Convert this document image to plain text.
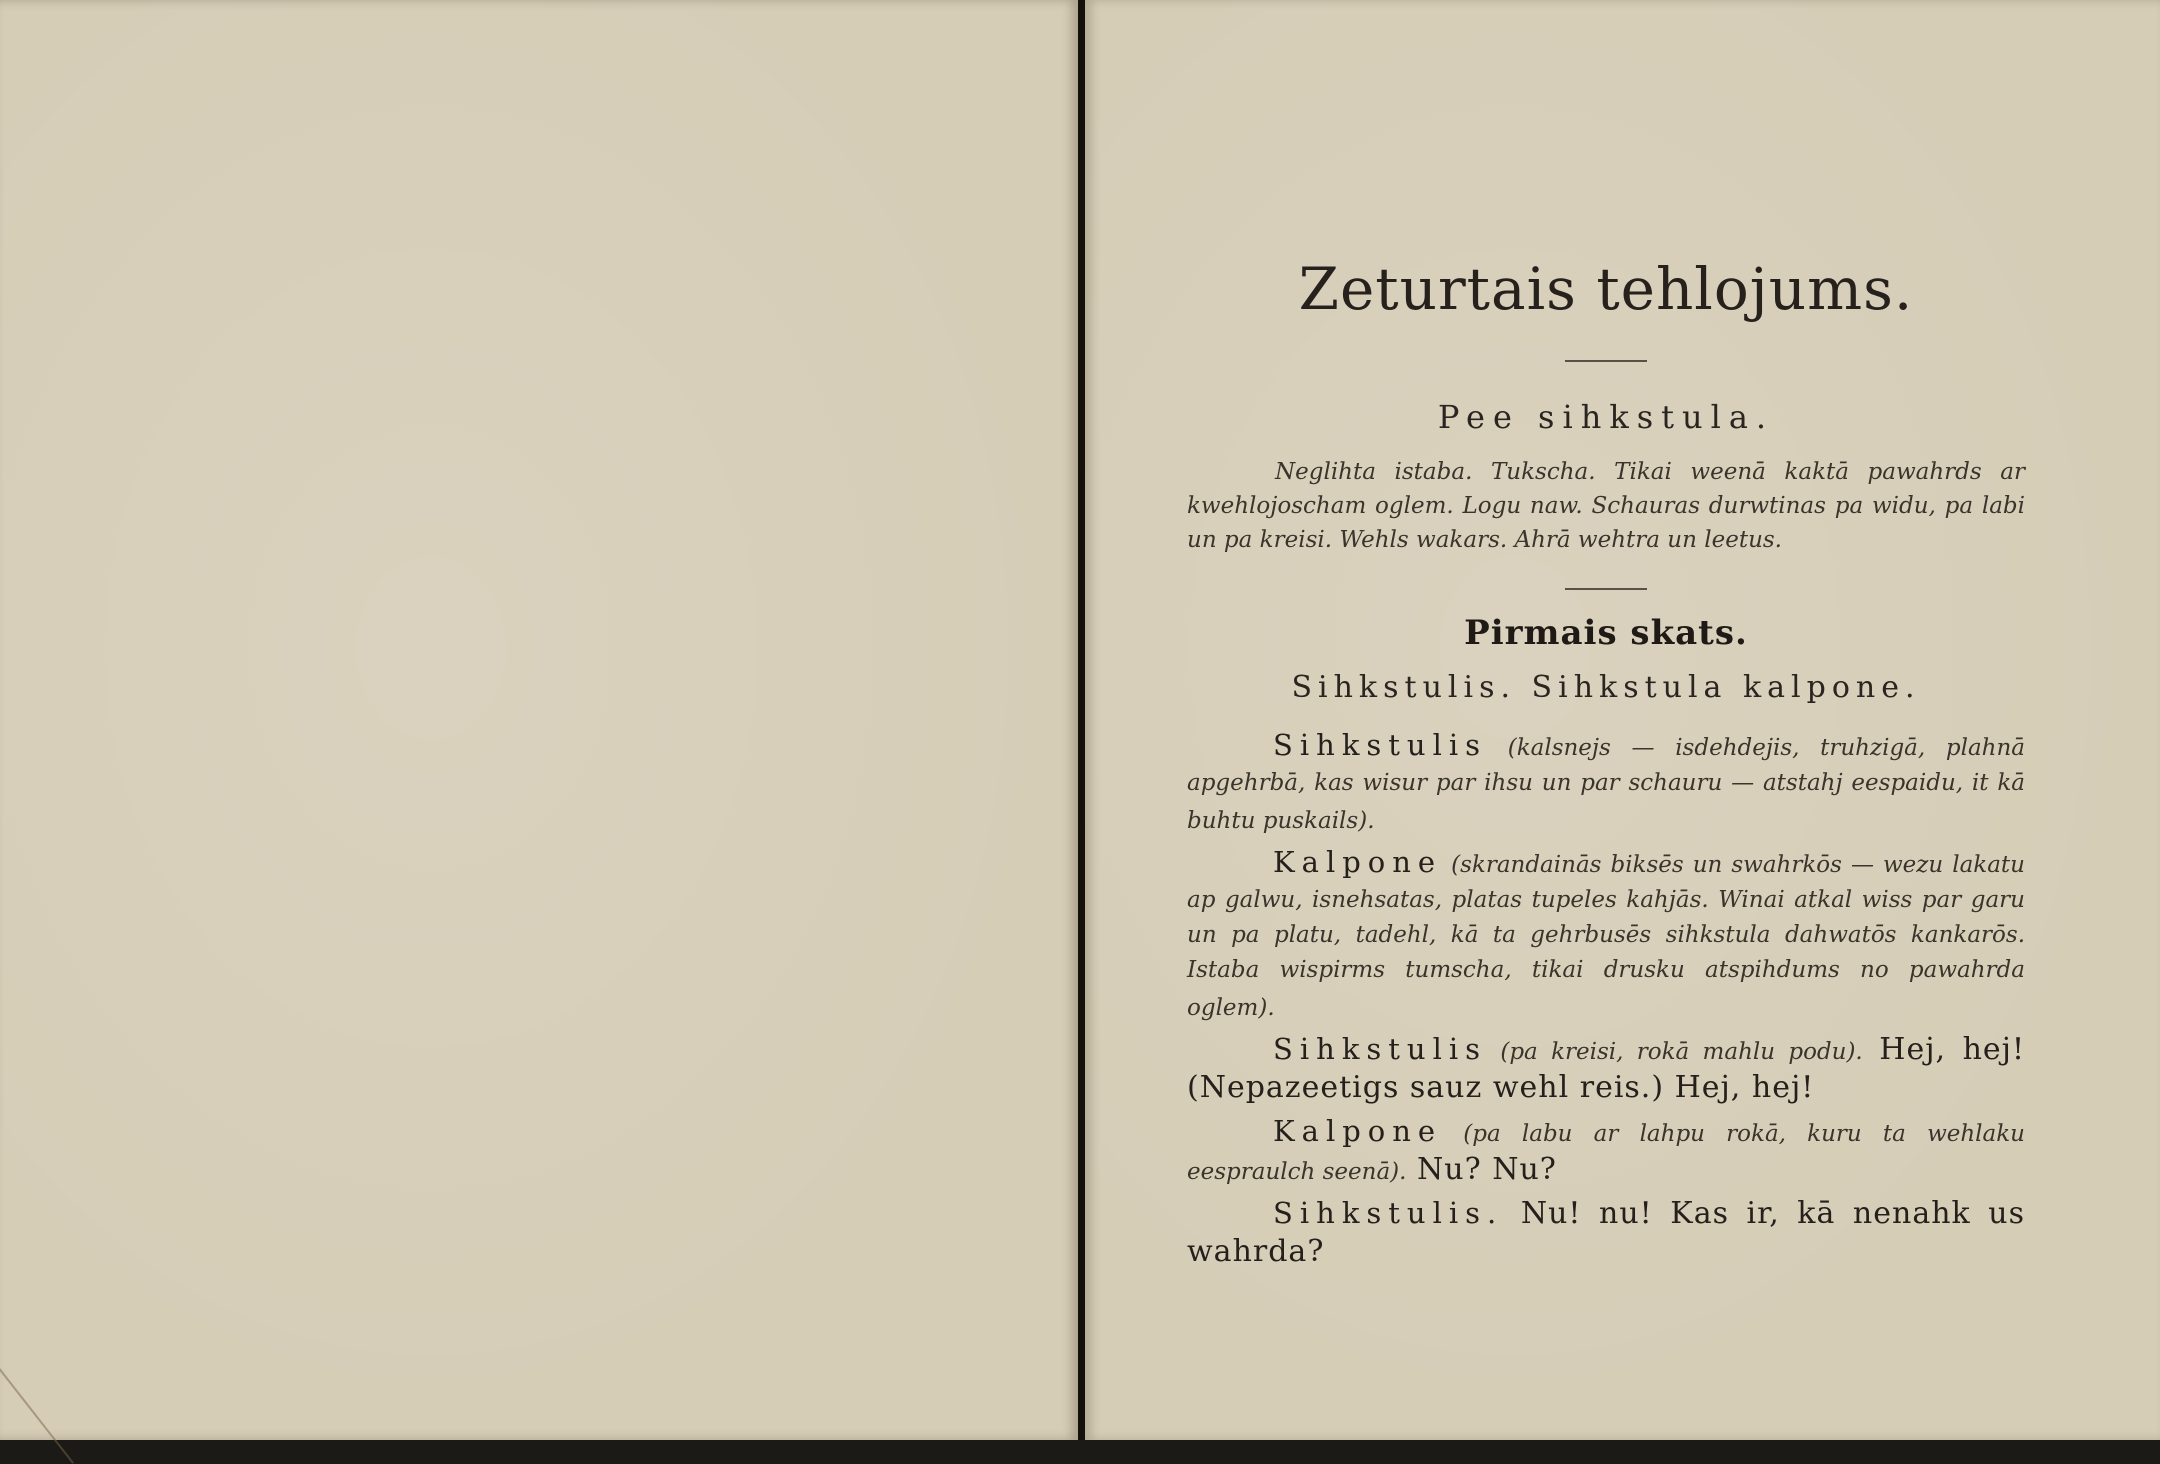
Zeturtais tehlojums.
Pee sihkstula.

Neglihta istaba. Tukscha. Tikai weenā kaktā pawahrds ar kwehlojoscham oglem. Logu naw. Schauras durwtinas pa widu, pa labi un pa kreisi. Wehls wakars. Ahrā wehtra un leetus.

Pirmais skats.
Sihkstulis. Sihkstula kalpone.

Sihkstulis (kalsnejs — isdehdejis, truhzigā, plahnā apgehrbā, kas wisur par ihsu un par schauru — atstahj eespaidu, it kā buhtu puskails).

Kalpone (skrandainās biksēs un swahrkōs — wezu lakatu ap galwu, isnehsatas, platas tupeles kahjās. Winai atkal wiss par garu un pa platu, tadehl, kā ta gehrbusēs sihkstula dahwatōs kankarōs. Istaba wispirms tumscha, tikai drusku atspihdums no pawahrda oglem).

Sihkstulis (pa kreisi, rokā mahlu podu). Hej, hej! (Nepazeetigs sauz wehl reis.) Hej, hej!

Kalpone (pa labu ar lahpu rokā, kuru ta wehlaku eespraulch seenā). Nu? Nu?

Sihkstulis. Nu! nu! Kas ir, kā nenahk us wahrda?
